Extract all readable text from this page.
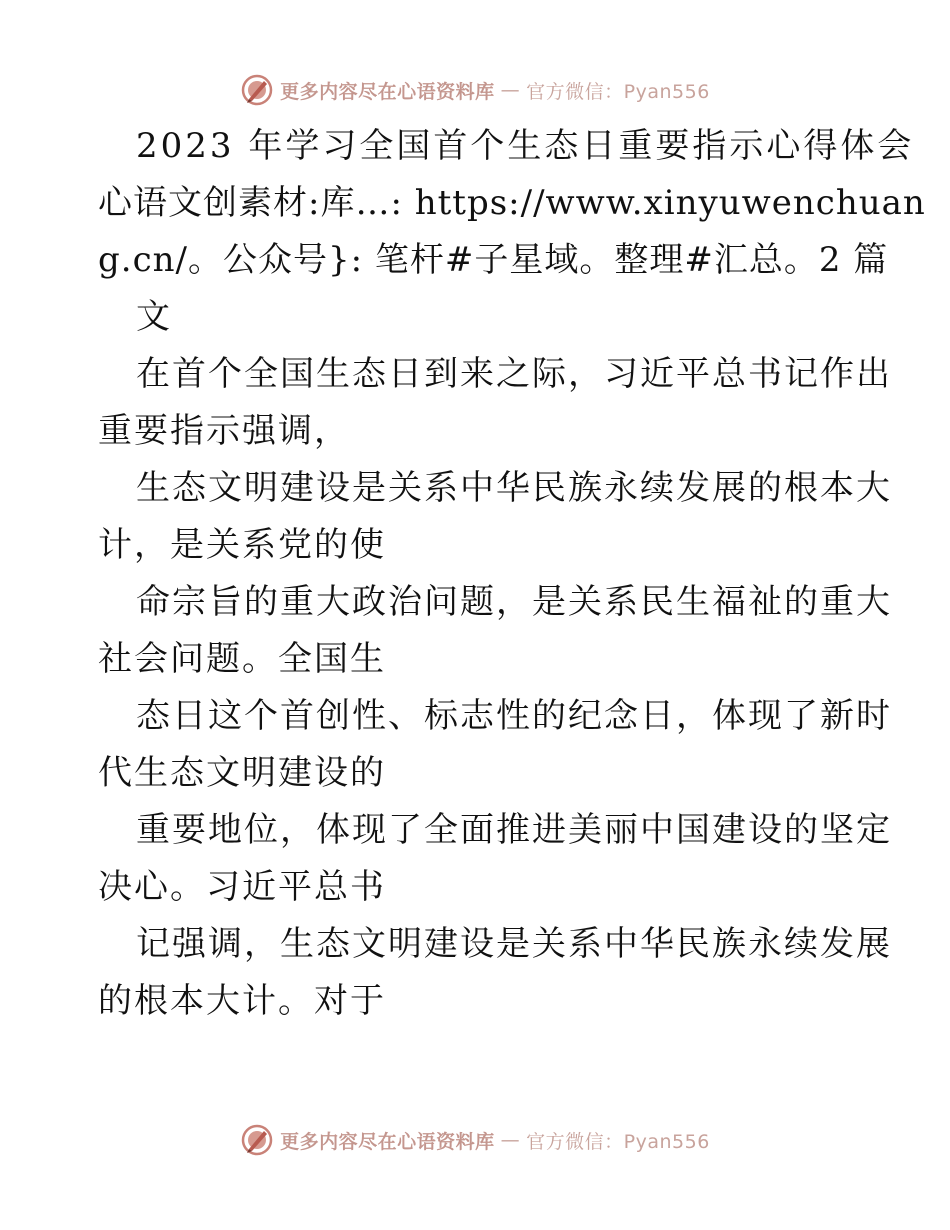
更多内容尽在心语资料库 — 官方微信：Pyan556
2023 年学习全国首个生态日重要指示心得体会
心语文创素材:库…: https://www.xinyuwenchuan
g.cn/。公众号}: 笔杆#子星域。整理#汇总。2 篇
文
在首个全国生态日到来之际，习近平总书记作出
重要指示强调，
生态文明建设是关系中华民族永续发展的根本大
计，是关系党的使
命宗旨的重大政治问题，是关系民生福祉的重大
社会问题。全国生
态日这个首创性、标志性的纪念日，体现了新时
代生态文明建设的
重要地位，体现了全面推进美丽中国建设的坚定
决心。习近平总书
记强调，生态文明建设是关系中华民族永续发展
的根本大计。对于
更多内容尽在心语资料库 — 官方微信：Pyan556
